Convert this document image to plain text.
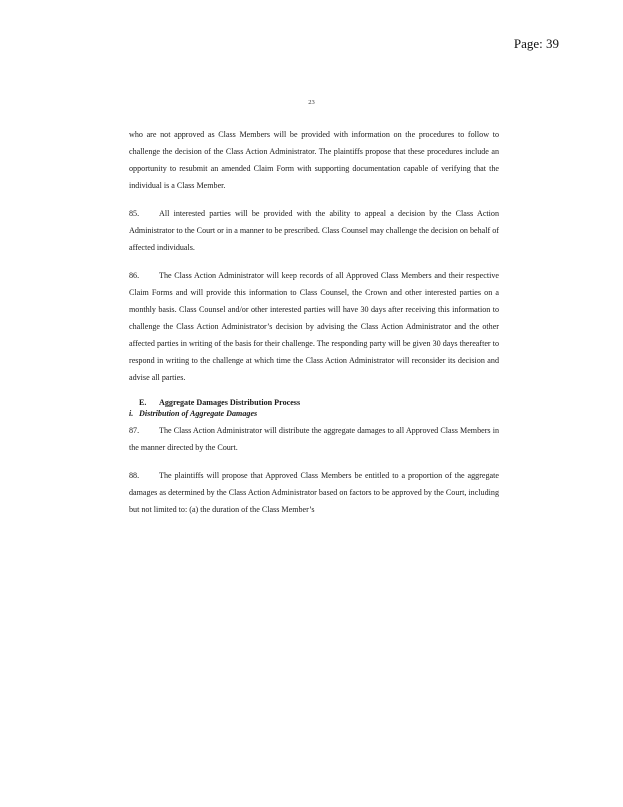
Page: 39
23

who are not approved as Class Members will be provided with information on the procedures to follow to challenge the decision of the Class Action Administrator. The plaintiffs propose that these procedures include an opportunity to resubmit an amended Claim Form with supporting documentation capable of verifying that the individual is a Class Member.

85. All interested parties will be provided with the ability to appeal a decision by the Class Action Administrator to the Court or in a manner to be prescribed. Class Counsel may challenge the decision on behalf of affected individuals.

86. The Class Action Administrator will keep records of all Approved Class Members and their respective Claim Forms and will provide this information to Class Counsel, the Crown and other interested parties on a monthly basis. Class Counsel and/or other interested parties will have 30 days after receiving this information to challenge the Class Action Administrator’s decision by advising the Class Action Administrator and the other affected parties in writing of the basis for their challenge. The responding party will be given 30 days thereafter to respond in writing to the challenge at which time the Class Action Administrator will reconsider its decision and advise all parties.

E. Aggregate Damages Distribution Process
i. Distribution of Aggregate Damages

87. The Class Action Administrator will distribute the aggregate damages to all Approved Class Members in the manner directed by the Court.

88. The plaintiffs will propose that Approved Class Members be entitled to a proportion of the aggregate damages as determined by the Class Action Administrator based on factors to be approved by the Court, including but not limited to: (a) the duration of the Class Member’s
